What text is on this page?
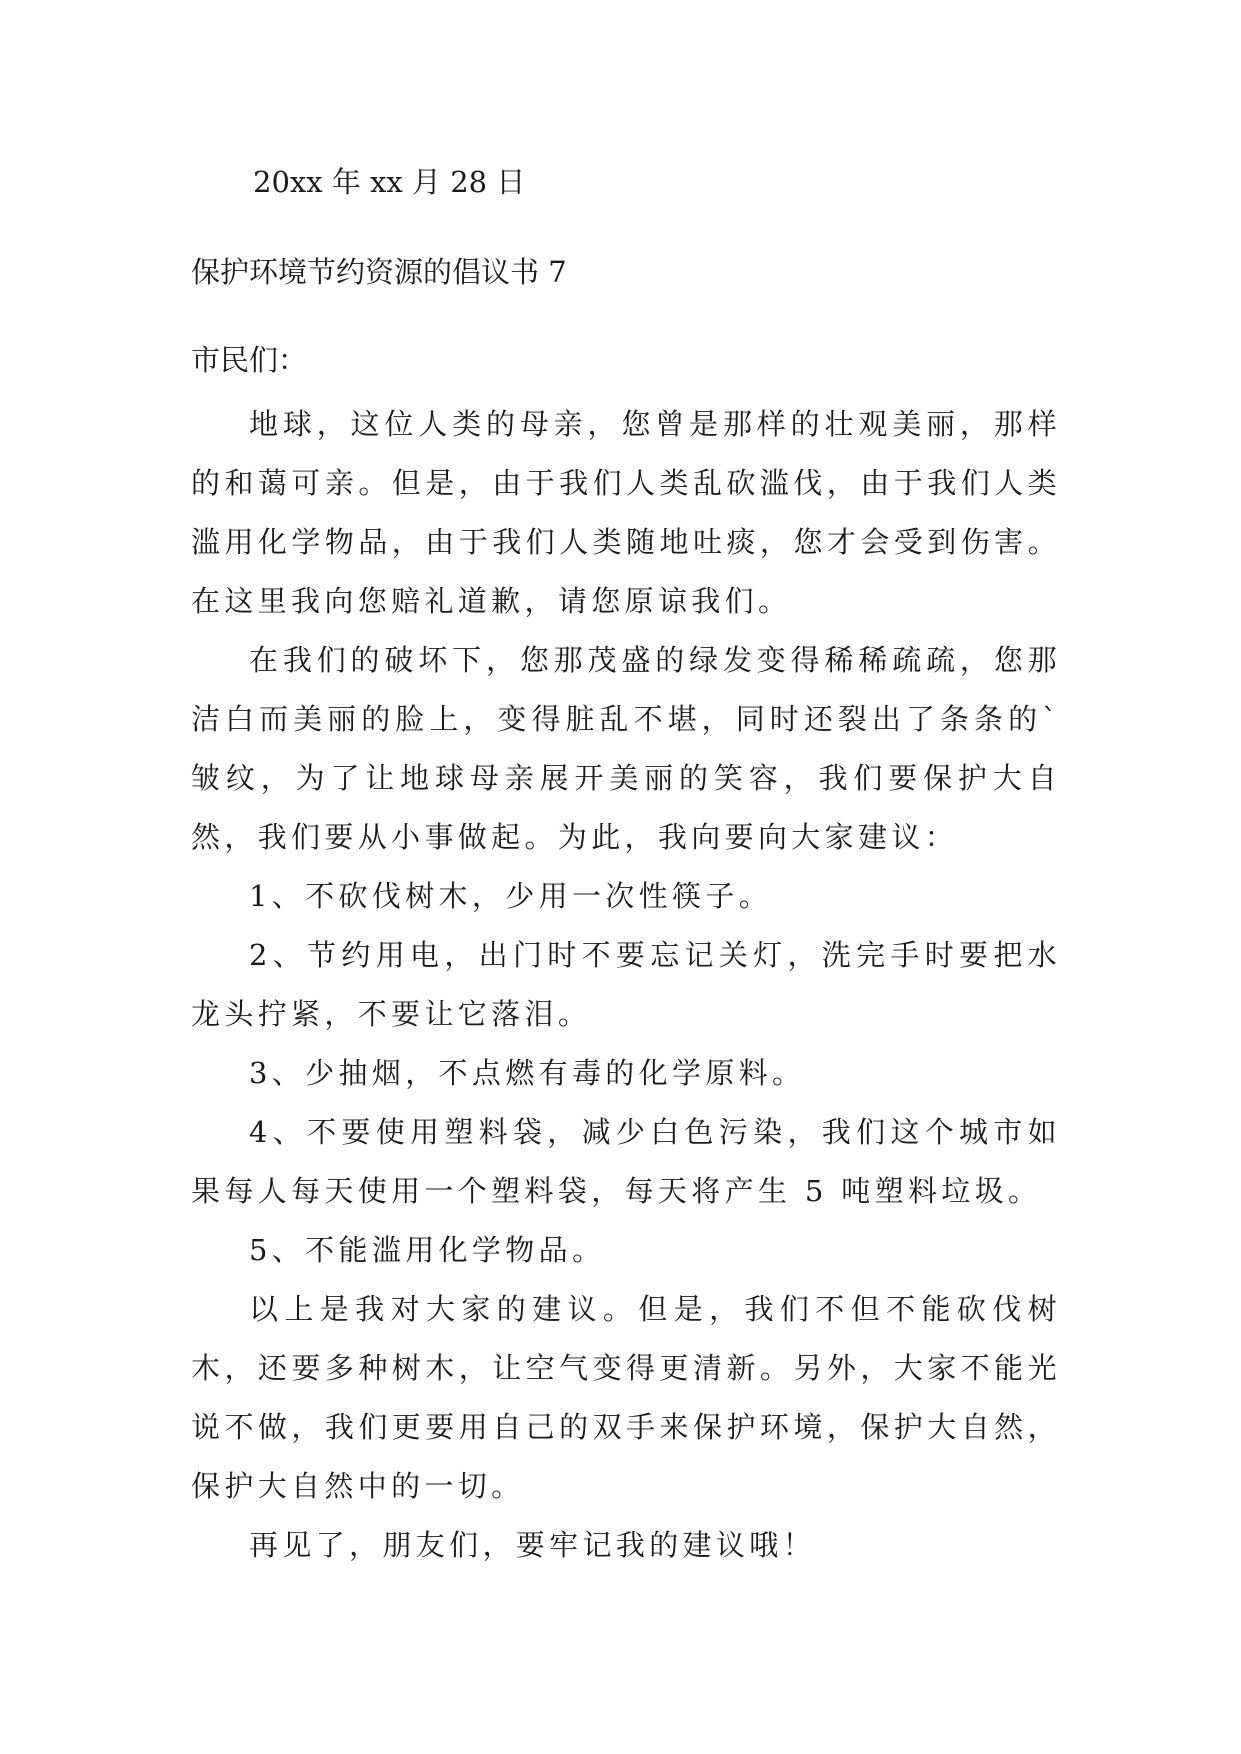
20xx 年 xx 月 28 日
保护环境节约资源的倡议书 7
市民们：

地球，这位人类的母亲，您曾是那样的壮观美丽，那样的和蔼可亲。但是，由于我们人类乱砍滥伐，由于我们人类滥用化学物品，由于我们人类随地吐痰，您才会受到伤害。在这里我向您赔礼道歉，请您原谅我们。

在我们的破坏下，您那茂盛的绿发变得稀稀疏疏，您那洁白而美丽的脸上，变得脏乱不堪，同时还裂出了条条的`皱纹，为了让地球母亲展开美丽的笑容，我们要保护大自然，我们要从小事做起。为此，我向要向大家建议：

1、不砍伐树木，少用一次性筷子。

2、节约用电，出门时不要忘记关灯，洗完手时要把水龙头拧紧，不要让它落泪。

3、少抽烟，不点燃有毒的化学原料。

4、不要使用塑料袋，减少白色污染，我们这个城市如果每人每天使用一个塑料袋，每天将产生 5 吨塑料垃圾。

5、不能滥用化学物品。

以上是我对大家的建议。但是，我们不但不能砍伐树木，还要多种树木，让空气变得更清新。另外，大家不能光说不做，我们更要用自己的双手来保护环境，保护大自然，保护大自然中的一切。

再见了，朋友们，要牢记我的建议哦！
